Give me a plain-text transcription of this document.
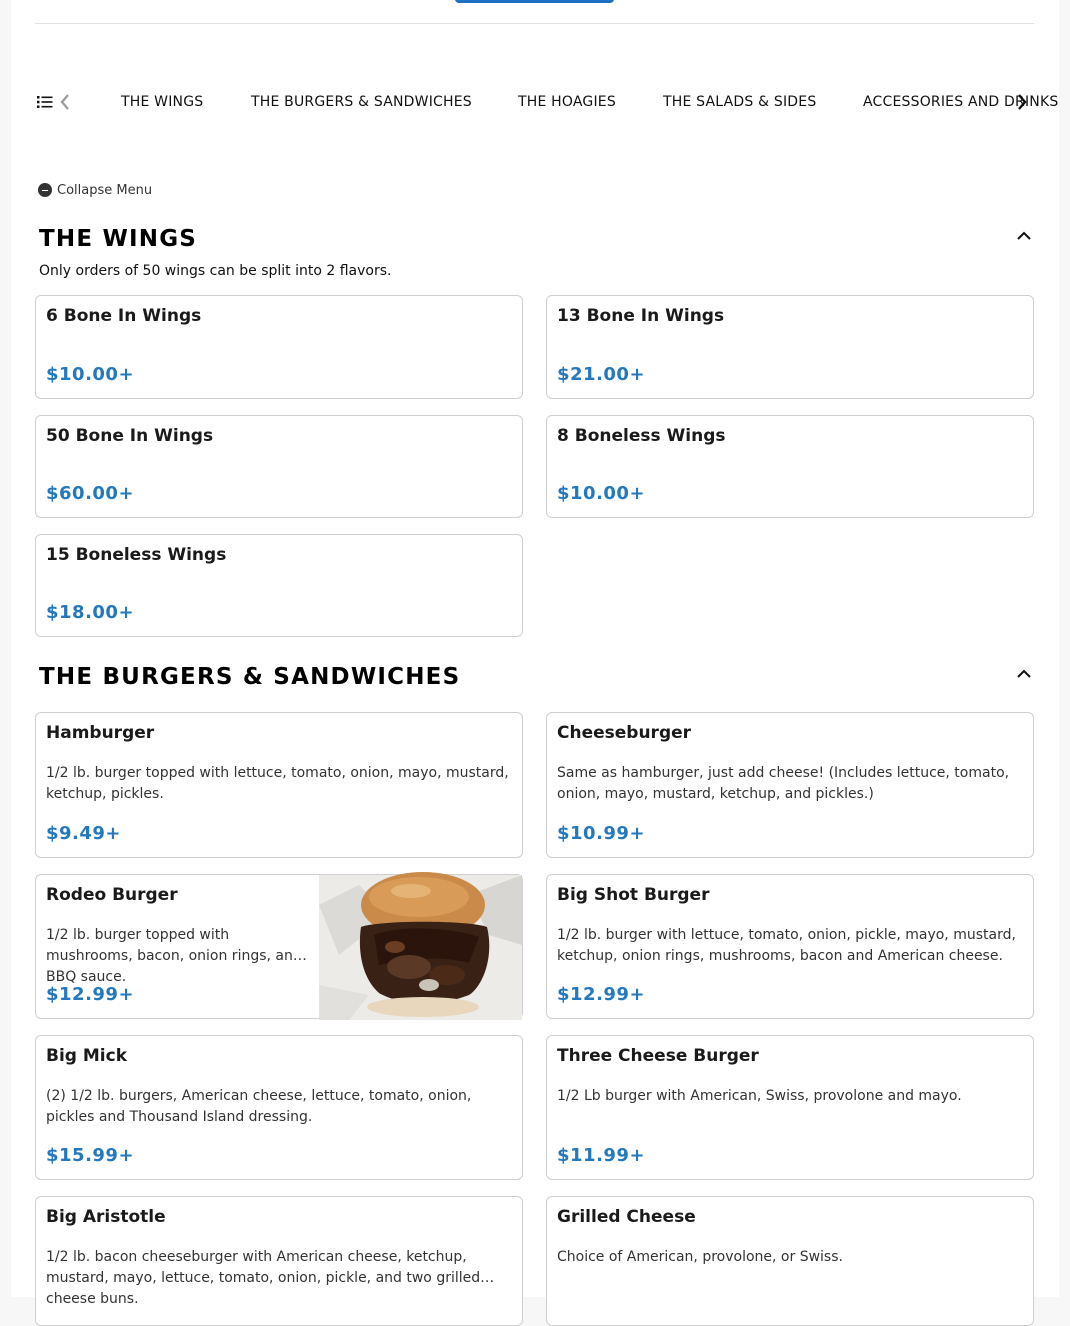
THE WINGS	THE BURGERS & SANDWICHES	THE HOAGIES	THE SALADS & SIDES	ACCESSORIES AND DRINKS
Collapse Menu
THE WINGS
Only orders of 50 wings can be split into 2 flavors.
6 Bone In Wings
$10.00+
13 Bone In Wings
$21.00+
50 Bone In Wings
$60.00+
8 Boneless Wings
$10.00+
15 Boneless Wings
$18.00+
THE BURGERS & SANDWICHES
Hamburger
1/2 lb. burger topped with lettuce, tomato, onion, mayo, mustard, ketchup, pickles.
$9.49+
Cheeseburger
Same as hamburger, just add cheese! (Includes lettuce, tomato, onion, mayo, mustard, ketchup, and pickles.)
$10.99+
Rodeo Burger
1/2 lb. burger topped with mushrooms, bacon, onion rings, and BBQ sauce.
$12.99+
Big Shot Burger
1/2 lb. burger with lettuce, tomato, onion, pickle, mayo, mustard, ketchup, onion rings, mushrooms, bacon and American cheese.
$12.99+
Big Mick
(2) 1/2 lb. burgers, American cheese, lettuce, tomato, onion, pickles and Thousand Island dressing.
$15.99+
Three Cheese Burger
1/2 Lb burger with American, Swiss, provolone and mayo.
$11.99+
Big Aristotle
1/2 lb. bacon cheeseburger with American cheese, ketchup, mustard, mayo, lettuce, tomato, onion, pickle, and two grilled cheese buns.
Grilled Cheese
Choice of American, provolone, or Swiss.
